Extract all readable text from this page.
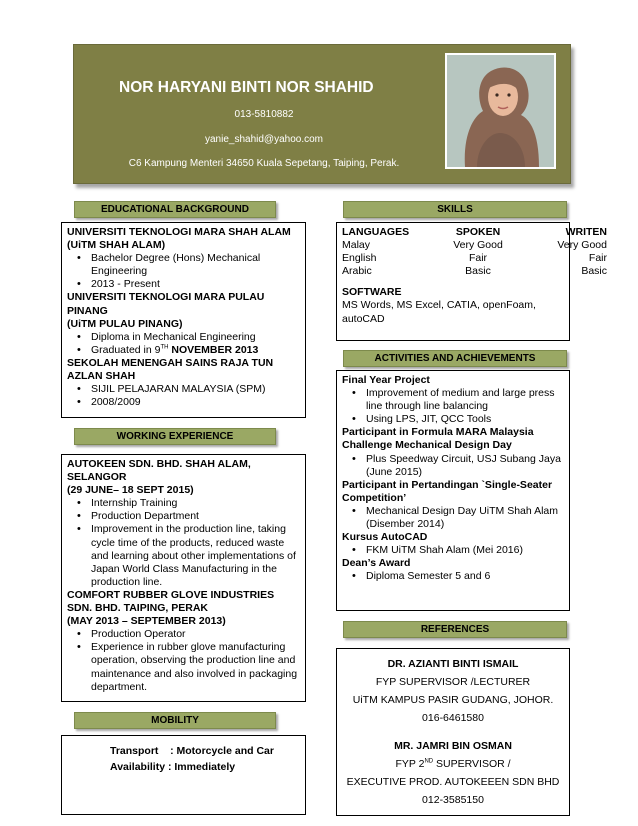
NOR HARYANI BINTI NOR SHAHID
013-5810882
yanie_shahid@yahoo.com
C6 Kampung Menteri 34650 Kuala Sepetang, Taiping, Perak.
EDUCATIONAL BACKGROUND	SKILLS
ACTIVITIES AND ACHIEVEMENTS
WORKING EXPERIENCE
REFERENCES
MOBILITY
UNIVERSITI TEKNOLOGI MARA SHAH ALAM
(UiTM SHAH ALAM)
• Bachelor Degree (Hons) Mechanical Engineering
• 2013 - Present
UNIVERSITI TEKNOLOGI MARA PULAU PINANG
(UiTM PULAU PINANG)
• Diploma in Mechanical Engineering
• Graduated in 9TH NOVEMBER 2013
SEKOLAH MENENGAH SAINS RAJA TUN AZLAN SHAH
• SIJIL PELAJARAN MALAYSIA (SPM)
• 2008/2009
AUTOKEEN SDN. BHD. SHAH ALAM, SELANGOR
(29 JUNE– 18 SEPT 2015)
• Internship Training
• Production Department
• Improvement in the production line, taking cycle time of the products, reduced waste and learning about other implementations of Japan World Class Manufacturing in the production line.
COMFORT RUBBER GLOVE INDUSTRIES SDN. BHD. TAIPING, PERAK
(MAY 2013 – SEPTEMBER 2013)
• Production Operator
• Experience in rubber glove manufacturing operation, observing the production line and maintenance and also involved in packaging department.
Transport    : Motorcycle and Car
Availability : Immediately
LANGUAGES	SPOKEN	WRITEN
Malay	Very Good	Very Good
English	Fair	Fair
Arabic	Basic	Basic
SOFTWARE
MS Words, MS Excel, CATIA, openFoam, autoCAD
Final Year Project
• Improvement of medium and large press line through line balancing
• Using LPS, JIT, QCC Tools
Participant in Formula MARA Malaysia Challenge Mechanical Design Day
• Plus Speedway Circuit, USJ Subang Jaya (June 2015)
Participant in Pertandingan `Single-Seater Competition’
• Mechanical Design Day UiTM Shah Alam (Disember 2014)
Kursus AutoCAD
• FKM UiTM Shah Alam (Mei 2016)
Dean’s Award
• Diploma Semester 5 and 6
DR. AZIANTI BINTI ISMAIL
FYP SUPERVISOR /LECTURER
UiTM KAMPUS PASIR GUDANG, JOHOR.
016-6461580
MR. JAMRI BIN OSMAN
FYP 2ND SUPERVISOR /
EXECUTIVE PROD. AUTOKEEEN SDN BHD
012-3585150
